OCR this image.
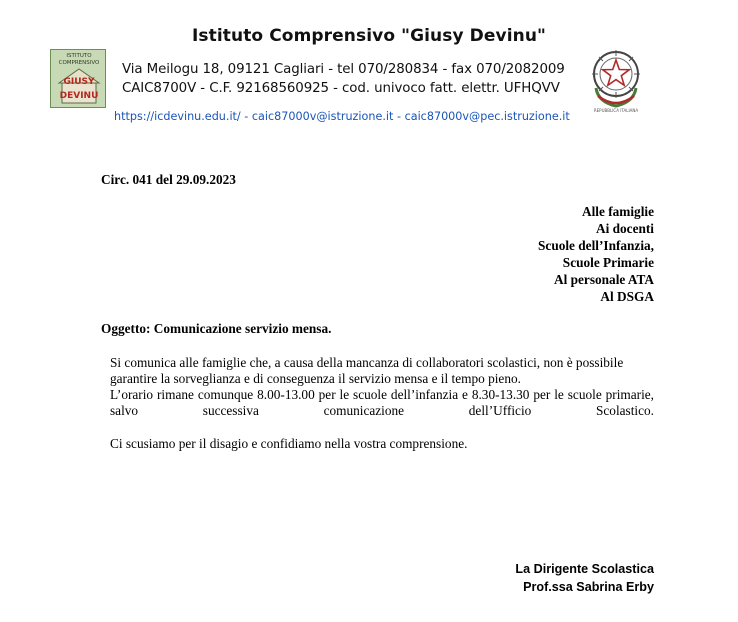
Istituto Comprensivo "Giusy Devinu"
ISTITUTO
COMPRENSIVO
GIUSY
DEVINU
Via Meilogu 18, 09121 Cagliari - tel 070/280834 - fax 070/2082009
CAIC8700V - C.F. 92168560925 - cod. univoco fatt. elettr. UFHQVV
https://icdevinu.edu.it/ - caic87000v@istruzione.it - caic87000v@pec.istruzione.it	REPUBBLICA ITALIANA
Circ. 041 del 29.09.2023
Alle famiglie
Ai docenti
Scuole dell’Infanzia,
Scuole Primarie
Al personale ATA
Al DSGA
Oggetto: Comunicazione servizio mensa.
Si comunica alle famiglie che, a causa della mancanza di collaboratori scolastici, non è possibile garantire la sorveglianza e di conseguenza il servizio mensa e il tempo pieno.
L’orario rimane comunque 8.00-13.00 per le scuole dell’infanzia e 8.30-13.30 per le scuole primarie, salvo successiva comunicazione dell’Ufficio Scolastico.
Ci scusiamo per il disagio e confidiamo nella vostra comprensione.
La Dirigente Scolastica
Prof.ssa Sabrina Erby
